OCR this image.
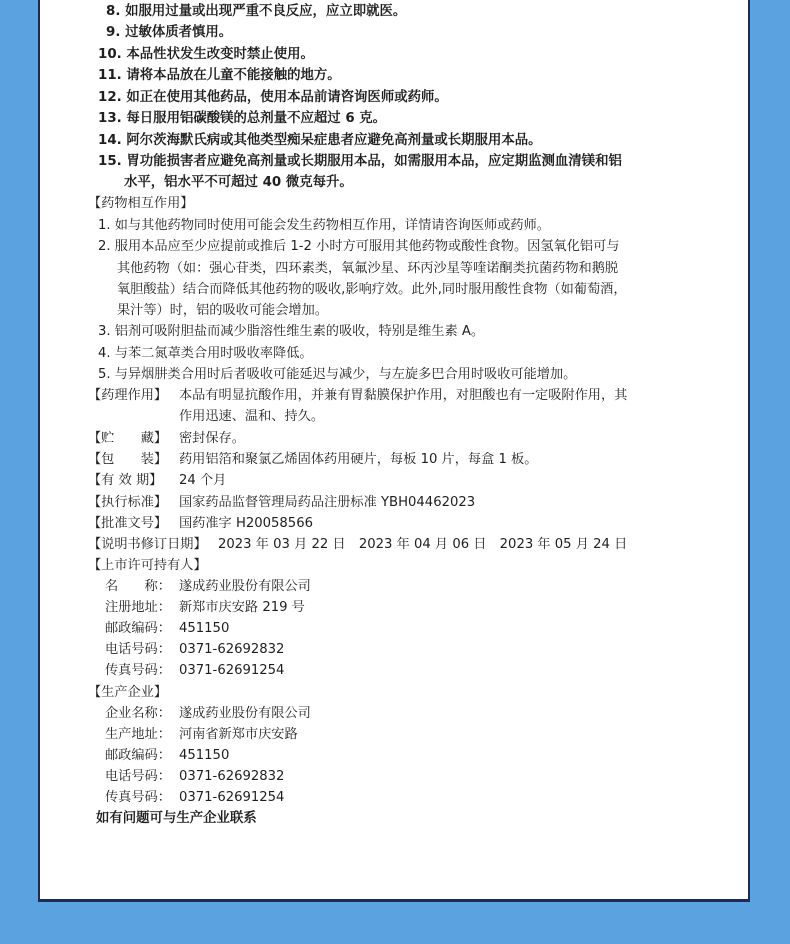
8. 如服用过量或出现严重不良反应，应立即就医。
9. 过敏体质者慎用。
10. 本品性状发生改变时禁止使用。
11. 请将本品放在儿童不能接触的地方。
12. 如正在使用其他药品，使用本品前请咨询医师或药师。
13. 每日服用铝碳酸镁的总剂量不应超过 6 克。
14. 阿尔茨海默氏病或其他类型痴呆症患者应避免高剂量或长期服用本品。
15. 胃功能损害者应避免高剂量或长期服用本品，如需服用本品，应定期监测血清镁和铝
水平，铝水平不可超过 40 微克每升。
【药物相互作用】
1. 如与其他药物同时使用可能会发生药物相互作用，详情请咨询医师或药师。
2. 服用本品应至少应提前或推后 1-2 小时方可服用其他药物或酸性食物。因氢氧化铝可与
其他药物（如：强心苷类，四环素类，氧氟沙星、环丙沙星等喹诺酮类抗菌药物和鹅脱
氧胆酸盐）结合而降低其他药物的吸收,影响疗效。此外,同时服用酸性食物（如葡萄酒，
果汁等）时，铝的吸收可能会增加。
3. 铝剂可吸附胆盐而减少脂溶性维生素的吸收，特别是维生素 A。
4. 与苯二氮䓬类合用时吸收率降低。
5. 与异烟肼类合用时后者吸收可能延迟与减少，与左旋多巴合用时吸收可能增加。
【药理作用】 本品有明显抗酸作用，并兼有胃黏膜保护作用，对胆酸也有一定吸附作用，其
作用迅速、温和、持久。
【贮　　藏】 密封保存。
【包　　装】 药用铝箔和聚氯乙烯固体药用硬片，每板 10 片，每盒 1 板。
【有 效 期】 24 个月
【执行标准】 国家药品监督管理局药品注册标准 YBH04462023
【批准文号】 国药准字 H20058566
【说明书修订日期】 2023 年 03 月 22 日　2023 年 04 月 06 日　2023 年 05 月 24 日
【上市许可持有人】
名　　称： 遂成药业股份有限公司
注册地址： 新郑市庆安路 219 号
邮政编码： 451150
电话号码： 0371-62692832
传真号码： 0371-62691254
【生产企业】
企业名称： 遂成药业股份有限公司
生产地址： 河南省新郑市庆安路
邮政编码： 451150
电话号码： 0371-62692832
传真号码： 0371-62691254
如有问题可与生产企业联系
